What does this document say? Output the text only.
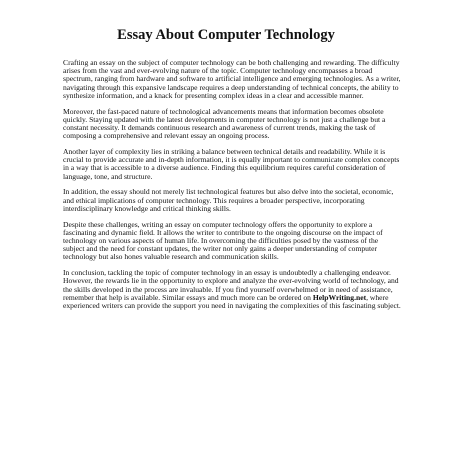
Essay About Computer Technology

Crafting an essay on the subject of computer technology can be both challenging and rewarding. The difficulty arises from the vast and ever-evolving nature of the topic. Computer technology encompasses a broad spectrum, ranging from hardware and software to artificial intelligence and emerging technologies. As a writer, navigating through this expansive landscape requires a deep understanding of technical concepts, the ability to synthesize information, and a knack for presenting complex ideas in a clear and accessible manner.

Moreover, the fast-paced nature of technological advancements means that information becomes obsolete quickly. Staying updated with the latest developments in computer technology is not just a challenge but a constant necessity. It demands continuous research and awareness of current trends, making the task of composing a comprehensive and relevant essay an ongoing process.

Another layer of complexity lies in striking a balance between technical details and readability. While it is crucial to provide accurate and in-depth information, it is equally important to communicate complex concepts in a way that is accessible to a diverse audience. Finding this equilibrium requires careful consideration of language, tone, and structure.

In addition, the essay should not merely list technological features but also delve into the societal, economic, and ethical implications of computer technology. This requires a broader perspective, incorporating interdisciplinary knowledge and critical thinking skills.

Despite these challenges, writing an essay on computer technology offers the opportunity to explore a fascinating and dynamic field. It allows the writer to contribute to the ongoing discourse on the impact of technology on various aspects of human life. In overcoming the difficulties posed by the vastness of the subject and the need for constant updates, the writer not only gains a deeper understanding of computer technology but also hones valuable research and communication skills.

In conclusion, tackling the topic of computer technology in an essay is undoubtedly a challenging endeavor. However, the rewards lie in the opportunity to explore and analyze the ever-evolving world of technology, and the skills developed in the process are invaluable. If you find yourself overwhelmed or in need of assistance, remember that help is available. Similar essays and much more can be ordered on HelpWriting.net, where experienced writers can provide the support you need in navigating the complexities of this fascinating subject.
